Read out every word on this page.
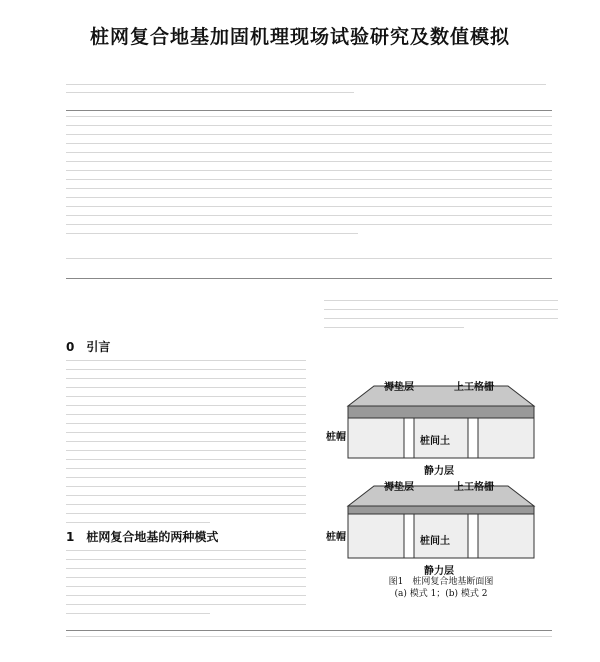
桩网复合地基加固机理现场试验研究及数值模拟
0　引言
1　桩网复合地基的两种模式
褥垫层	上工格栅
桩帽	桩间土
静力层
褥垫层	上工格栅
桩帽	桩间土
静力层
图1　桩网复合地基断面图
(a) 模式 1；(b) 模式 2
